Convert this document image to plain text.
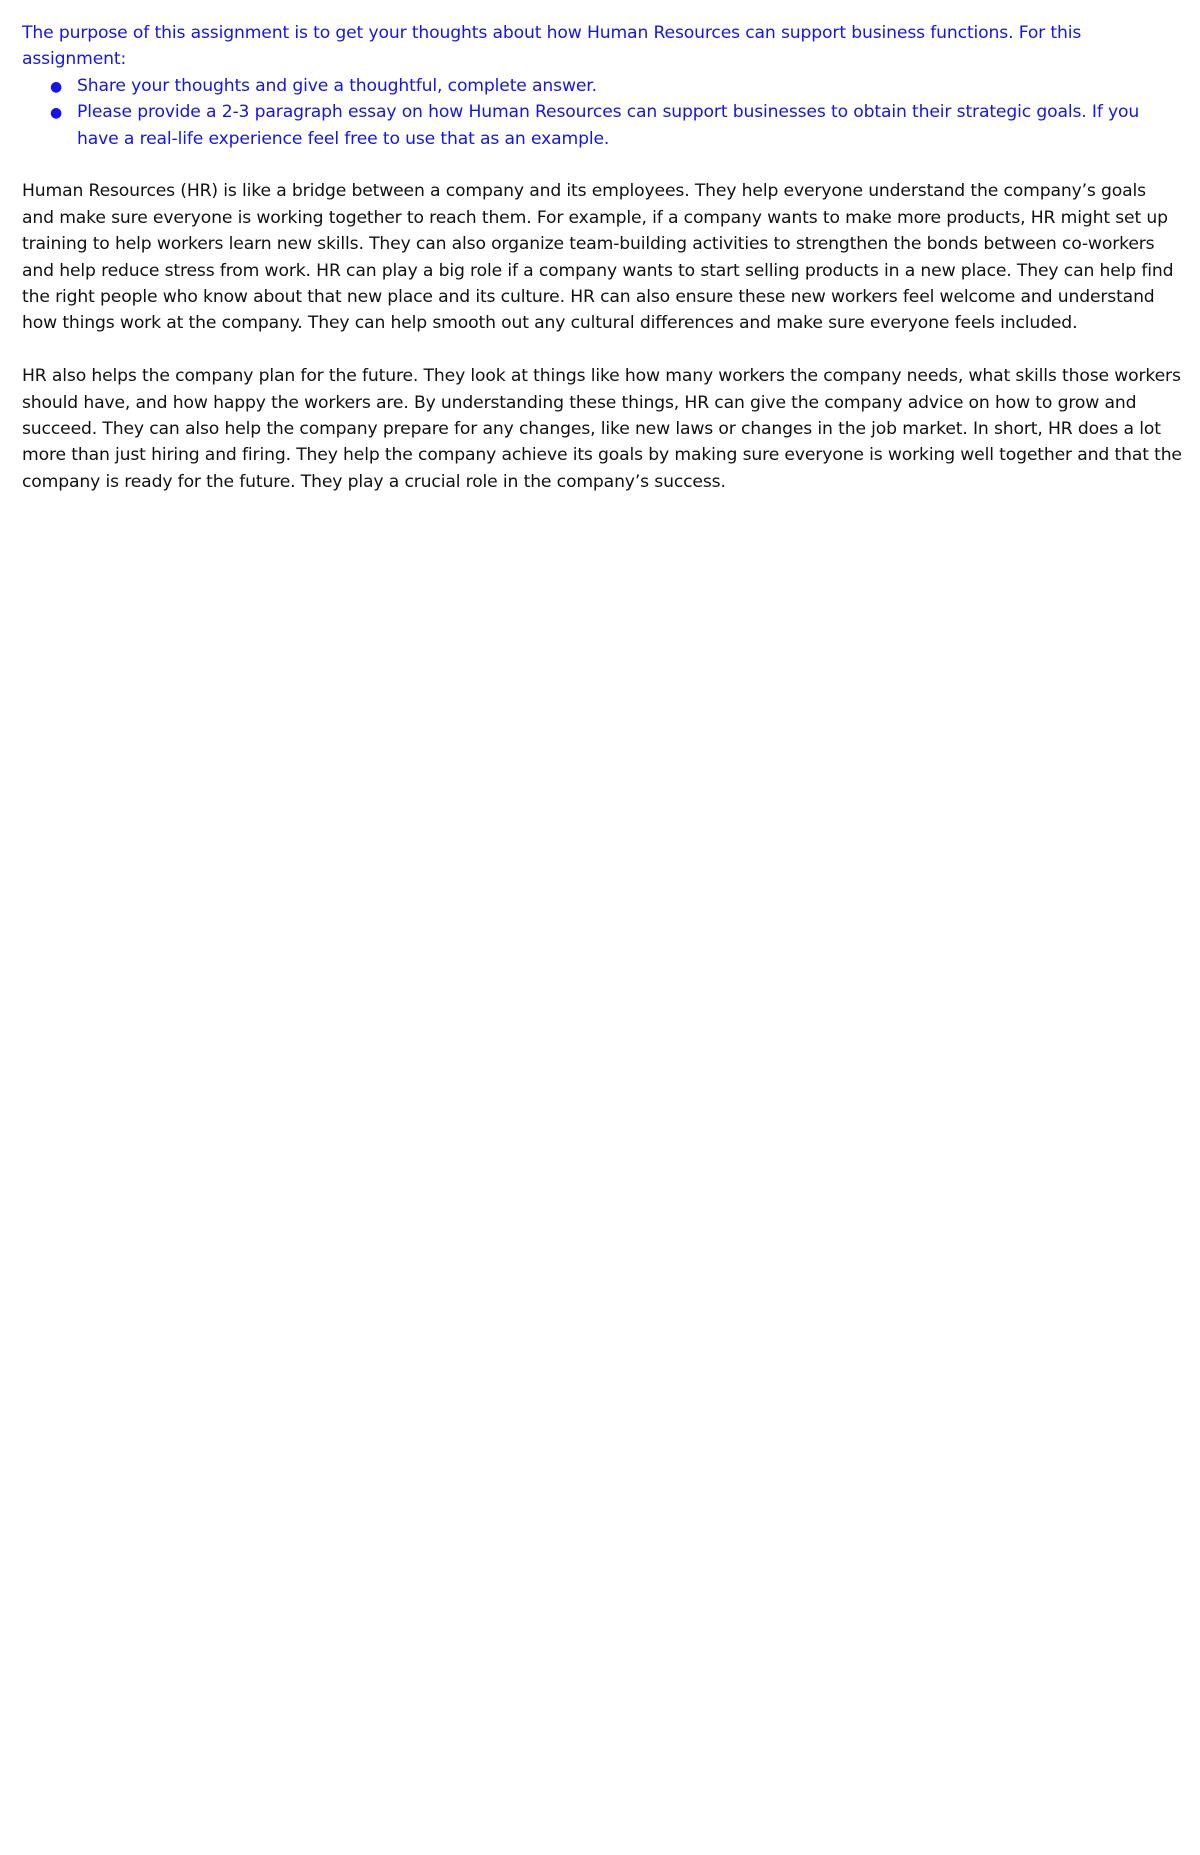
The purpose of this assignment is to get your thoughts about how Human Resources can support business functions. For this assignment:

●
Share your thoughts and give a thoughtful, complete answer.
●
Please provide a 2-3 paragraph essay on how Human Resources can support businesses to obtain their strategic goals. If you have a real-life experience feel free to use that as an example.

Human Resources (HR) is like a bridge between a company and its employees. They help everyone understand the company’s goals and make sure everyone is working together to reach them. For example, if a company wants to make more products, HR might set up training to help workers learn new skills. They can also organize team-building activities to strengthen the bonds between co-workers and help reduce stress from work. HR can play a big role if a company wants to start selling products in a new place. They can help find the right people who know about that new place and its culture. HR can also ensure these new workers feel welcome and understand how things work at the company. They can help smooth out any cultural differences and make sure everyone feels included.

HR also helps the company plan for the future. They look at things like how many workers the company needs, what skills those workers should have, and how happy the workers are. By understanding these things, HR can give the company advice on how to grow and succeed. They can also help the company prepare for any changes, like new laws or changes in the job market. In short, HR does a lot more than just hiring and firing. They help the company achieve its goals by making sure everyone is working well together and that the company is ready for the future. They play a crucial role in the company’s success.
